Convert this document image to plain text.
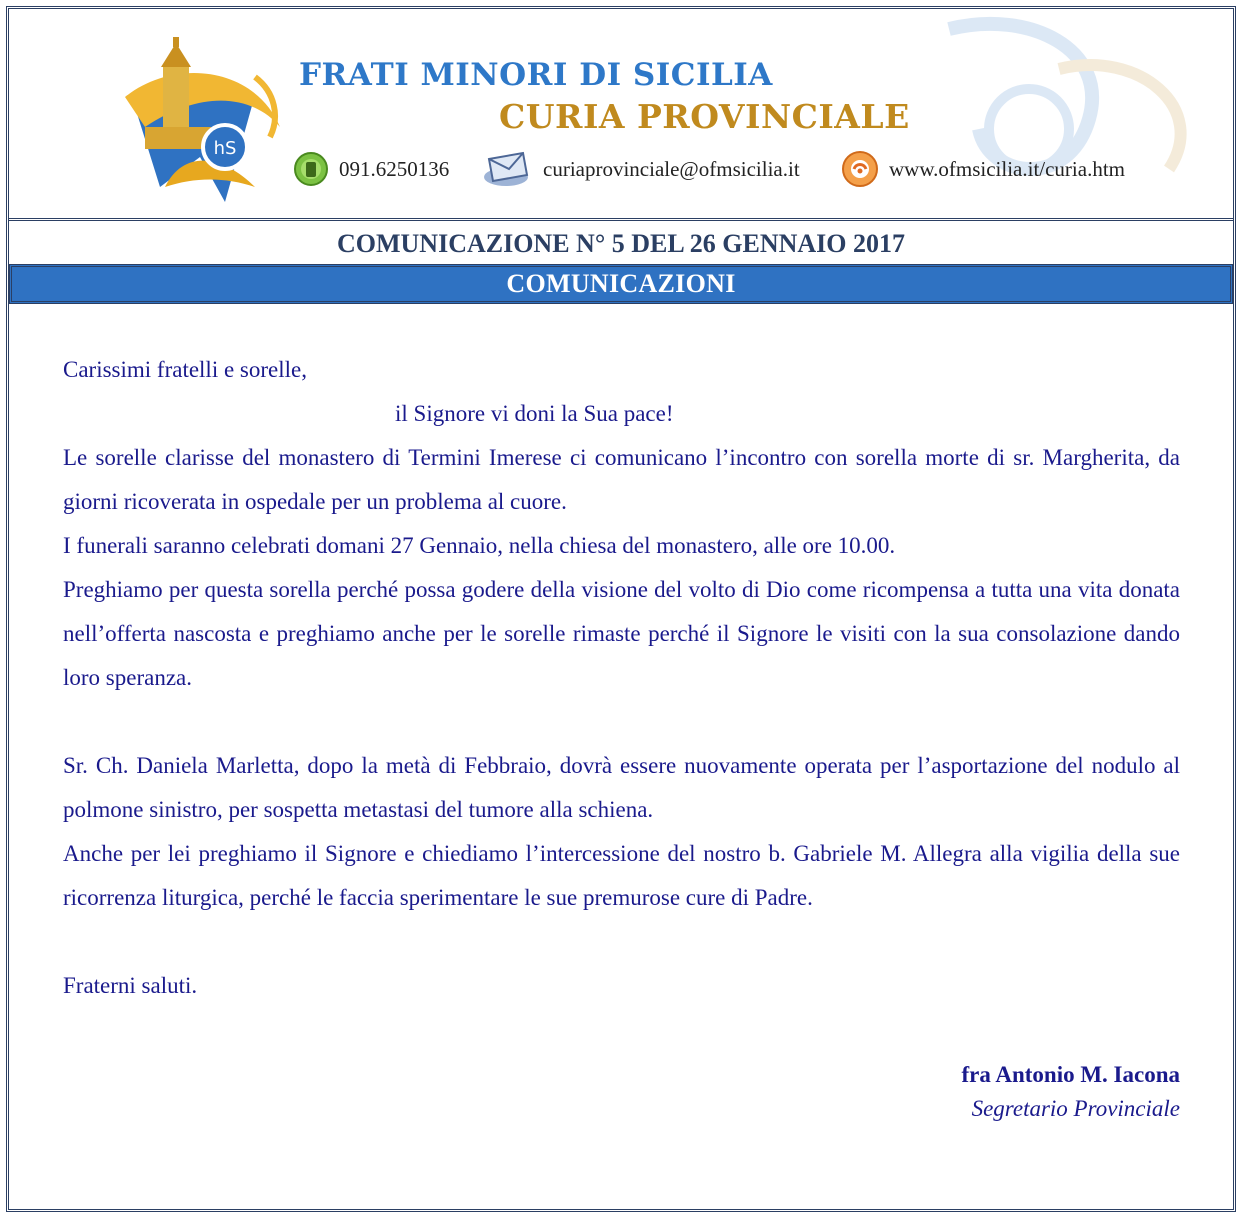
hS
FRATI MINORI DI SICILIA
CURIA PROVINCIALE
091.6250136	curiaprovinciale@ofmsicilia.it	www.ofmsicilia.it/curia.htm
COMUNICAZIONE N° 5 DEL 26 GENNAIO 2017
COMUNICAZIONI

Carissimi fratelli e sorelle,

il Signore vi doni la Sua pace!

Le sorelle clarisse del monastero di Termini Imerese ci comunicano l’incontro con sorella morte di sr. Margherita, da giorni ricoverata in ospedale per un problema al cuore.

I funerali saranno celebrati domani 27 Gennaio, nella chiesa del monastero, alle ore 10.00.

Preghiamo per questa sorella perché possa godere della visione del volto di Dio come ricompensa a tutta una vita donata nell’offerta nascosta e preghiamo anche per le sorelle rimaste perché il Signore le visiti con la sua consolazione dando loro speranza.

Sr. Ch. Daniela Marletta, dopo la metà di Febbraio, dovrà essere nuovamente operata per l’asportazione del nodulo al polmone sinistro, per sospetta metastasi del tumore alla schiena.

Anche per lei preghiamo il Signore e chiediamo l’intercessione del nostro b. Gabriele M. Allegra alla vigilia della sue ricorrenza liturgica, perché le faccia sperimentare le sue premurose cure di Padre.

Fraterni saluti.

fra Antonio M. Iacona
Segretario Provinciale
